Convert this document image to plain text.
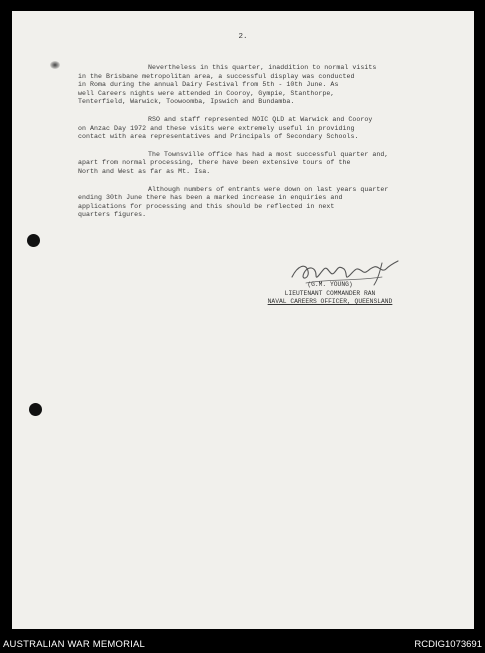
2.

Nevertheless in this quarter, inaddition to normal visits
in the Brisbane metropolitan area, a successful display was conducted
in Roma during the annual Dairy Festival from 5th - 10th June. As
well Careers nights were attended in Cooroy, Gympie, Stanthorpe,
Tenterfield, Warwick, Toowoomba, Ipswich and Bundamba.

RSO and staff represented NOIC QLD at Warwick and Cooroy
on Anzac Day 1972 and these visits were extremely useful in providing
contact with area representatives and Principals of Secondary Schools.

The Townsville office has had a most successful quarter and,
apart from normal processing, there have been extensive tours of the
North and West as far as Mt. Isa.

Although numbers of entrants were down on last years quarter
ending 30th June there has been a marked increase in enquiries and
applications for processing and this should be reflected in next
quarters figures.

(G.M. YOUNG)
LIEUTENANT COMMANDER RAN
NAVAL CAREERS OFFICER, QUEENSLAND
AUSTRALIAN WAR MEMORIAL	RCDIG1073691
